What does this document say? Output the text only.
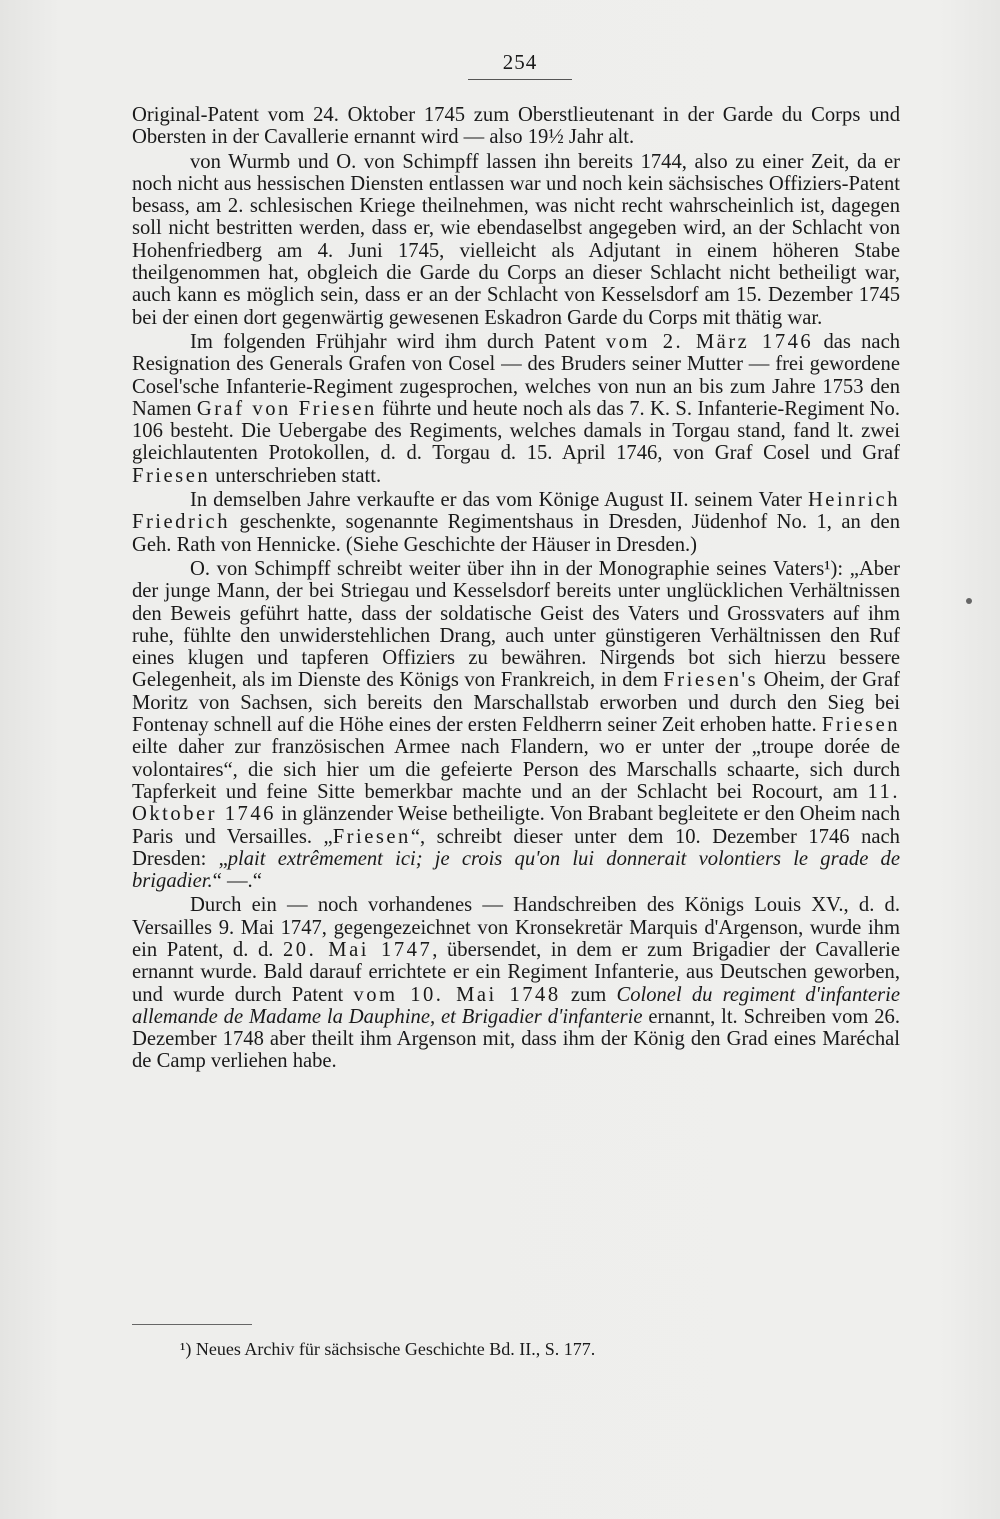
254

Original-Patent vom 24. Oktober 1745 zum Oberstlieutenant in der Garde du Corps und Obersten in der Cavallerie ernannt wird — also 19½ Jahr alt.

von Wurmb und O. von Schimpff lassen ihn bereits 1744, also zu einer Zeit, da er noch nicht aus hessischen Diensten entlassen war und noch kein sächsisches Offiziers-Patent besass, am 2. schlesischen Kriege theilnehmen, was nicht recht wahrscheinlich ist, dagegen soll nicht bestritten werden, dass er, wie ebendaselbst angegeben wird, an der Schlacht von Hohenfriedberg am 4. Juni 1745, vielleicht als Adjutant in einem höheren Stabe theilgenommen hat, obgleich die Garde du Corps an dieser Schlacht nicht betheiligt war, auch kann es möglich sein, dass er an der Schlacht von Kesselsdorf am 15. Dezember 1745 bei der einen dort gegenwärtig gewesenen Eskadron Garde du Corps mit thätig war.

Im folgenden Frühjahr wird ihm durch Patent vom 2. März 1746 das nach Resignation des Generals Grafen von Cosel — des Bruders seiner Mutter — frei gewordene Cosel'sche Infanterie-Regiment zugesprochen, welches von nun an bis zum Jahre 1753 den Namen Graf von Friesen führte und heute noch als das 7. K. S. Infanterie-Regiment No. 106 besteht. Die Uebergabe des Regiments, welches damals in Torgau stand, fand lt. zwei gleichlautenten Protokollen, d. d. Torgau d. 15. April 1746, von Graf Cosel und Graf Friesen unterschrieben statt.

In demselben Jahre verkaufte er das vom Könige August II. seinem Vater Heinrich Friedrich geschenkte, sogenannte Regimentshaus in Dresden, Jüdenhof No. 1, an den Geh. Rath von Hennicke. (Siehe Geschichte der Häuser in Dresden.)

O. von Schimpff schreibt weiter über ihn in der Monographie seines Vaters¹): „Aber der junge Mann, der bei Striegau und Kesselsdorf bereits unter unglücklichen Verhältnissen den Beweis geführt hatte, dass der soldatische Geist des Vaters und Grossvaters auf ihm ruhe, fühlte den unwiderstehlichen Drang, auch unter günstigeren Verhältnissen den Ruf eines klugen und tapferen Offiziers zu bewähren. Nirgends bot sich hierzu bessere Gelegenheit, als im Dienste des Königs von Frankreich, in dem Friesen's Oheim, der Graf Moritz von Sachsen, sich bereits den Marschallstab erworben und durch den Sieg bei Fontenay schnell auf die Höhe eines der ersten Feldherrn seiner Zeit erhoben hatte. Friesen eilte daher zur französischen Armee nach Flandern, wo er unter der „troupe dorée de volontaires“, die sich hier um die gefeierte Person des Marschalls schaarte, sich durch Tapferkeit und feine Sitte bemerkbar machte und an der Schlacht bei Rocourt, am 11. Oktober 1746 in glänzender Weise betheiligte. Von Brabant begleitete er den Oheim nach Paris und Versailles. „Friesen“, schreibt dieser unter dem 10. Dezember 1746 nach Dresden: „plait extrêmement ici; je crois qu'on lui donnerait volontiers le grade de brigadier.“ —.“

Durch ein — noch vorhandenes — Handschreiben des Königs Louis XV., d. d. Versailles 9. Mai 1747, gegengezeichnet von Kronsekretär Marquis d'Argenson, wurde ihm ein Patent, d. d. 20. Mai 1747, übersendet, in dem er zum Brigadier der Cavallerie ernannt wurde. Bald darauf errichtete er ein Regiment Infanterie, aus Deutschen geworben, und wurde durch Patent vom 10. Mai 1748 zum Colonel du regiment d'infanterie allemande de Madame la Dauphine, et Brigadier d'infanterie ernannt, lt. Schreiben vom 26. Dezember 1748 aber theilt ihm Argenson mit, dass ihm der König den Grad eines Maréchal de Camp verliehen habe.

¹) Neues Archiv für sächsische Geschichte Bd. II., S. 177.
